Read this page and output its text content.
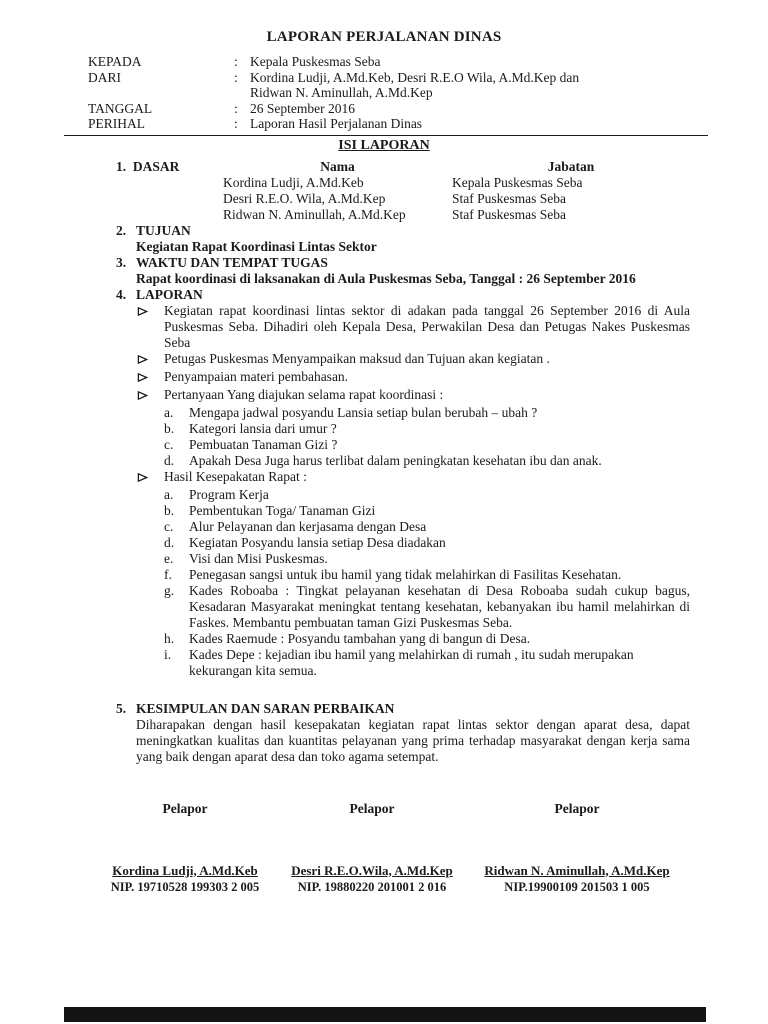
LAPORAN PERJALANAN DINAS
KEPADA	: Kepala Puskesmas Seba
DARI	: Kordina Ludji, A.Md.Keb, Desri R.E.O Wila, A.Md.Kep dan
Ridwan N. Aminullah, A.Md.Kep
TANGGAL	: 26 September 2016
PERIHAL	: Laporan Hasil Perjalanan Dinas
ISI LAPORAN
1. DASAR	Nama	Jabatan
Kordina Ludji, A.Md.Keb	Kepala Puskesmas Seba
Desri R.E.O. Wila, A.Md.Kep	Staf Puskesmas Seba
Ridwan N. Aminullah, A.Md.Kep	Staf Puskesmas Seba
2. TUJUAN
Kegiatan Rapat Koordinasi Lintas Sektor
3. WAKTU DAN TEMPAT TUGAS
Rapat koordinasi di laksanakan di Aula Puskesmas Seba, Tanggal : 26 September 2016
4. LAPORAN
Kegiatan rapat koordinasi lintas sektor di adakan pada tanggal 26 September 2016 di Aula Puskesmas Seba. Dihadiri oleh Kepala Desa, Perwakilan Desa dan Petugas Nakes Puskesmas Seba
Petugas Puskesmas Menyampaikan maksud dan Tujuan akan kegiatan .
Penyampaian materi pembahasan.
Pertanyaan Yang diajukan selama rapat koordinasi :
a.	Mengapa jadwal posyandu Lansia setiap bulan berubah – ubah ?
b.	Kategori lansia dari umur ?
c.	Pembuatan Tanaman Gizi ?
d.	Apakah Desa Juga harus terlibat dalam peningkatan kesehatan ibu dan anak.
Hasil Kesepakatan Rapat :
a.	Program Kerja
b.	Pembentukan Toga/ Tanaman Gizi
c.	Alur Pelayanan dan kerjasama dengan Desa
d.	Kegiatan Posyandu lansia setiap Desa diadakan
e.	Visi dan Misi Puskesmas.
f.	Penegasan sangsi untuk ibu hamil yang tidak melahirkan di Fasilitas Kesehatan.
g.	Kades Roboaba : Tingkat pelayanan kesehatan di Desa Roboaba sudah cukup bagus, Kesadaran Masyarakat meningkat tentang kesehatan, kebanyakan ibu hamil melahirkan di Faskes. Membantu pembuatan taman Gizi Puskesmas Seba.
h.	Kades Raemude : Posyandu tambahan yang di bangun di Desa.
i.	Kades Depe : kejadian ibu hamil yang melahirkan di rumah , itu sudah merupakan kekurangan kita semua.
5. KESIMPULAN DAN SARAN PERBAIKAN
Diharapakan dengan hasil kesepakatan kegiatan rapat lintas sektor dengan aparat desa, dapat meningkatkan kualitas dan kuantitas pelayanan yang prima terhadap masyarakat dengan kerja sama yang baik dengan aparat desa dan toko agama setempat.
Pelapor
Kordina Ludji, A.Md.Keb
NIP. 19710528 199303 2 005
Pelapor
Desri R.E.O.Wila, A.Md.Kep
NIP. 19880220 201001 2 016
Pelapor
Ridwan N. Aminullah, A.Md.Kep
NIP.19900109 201503 1 005
